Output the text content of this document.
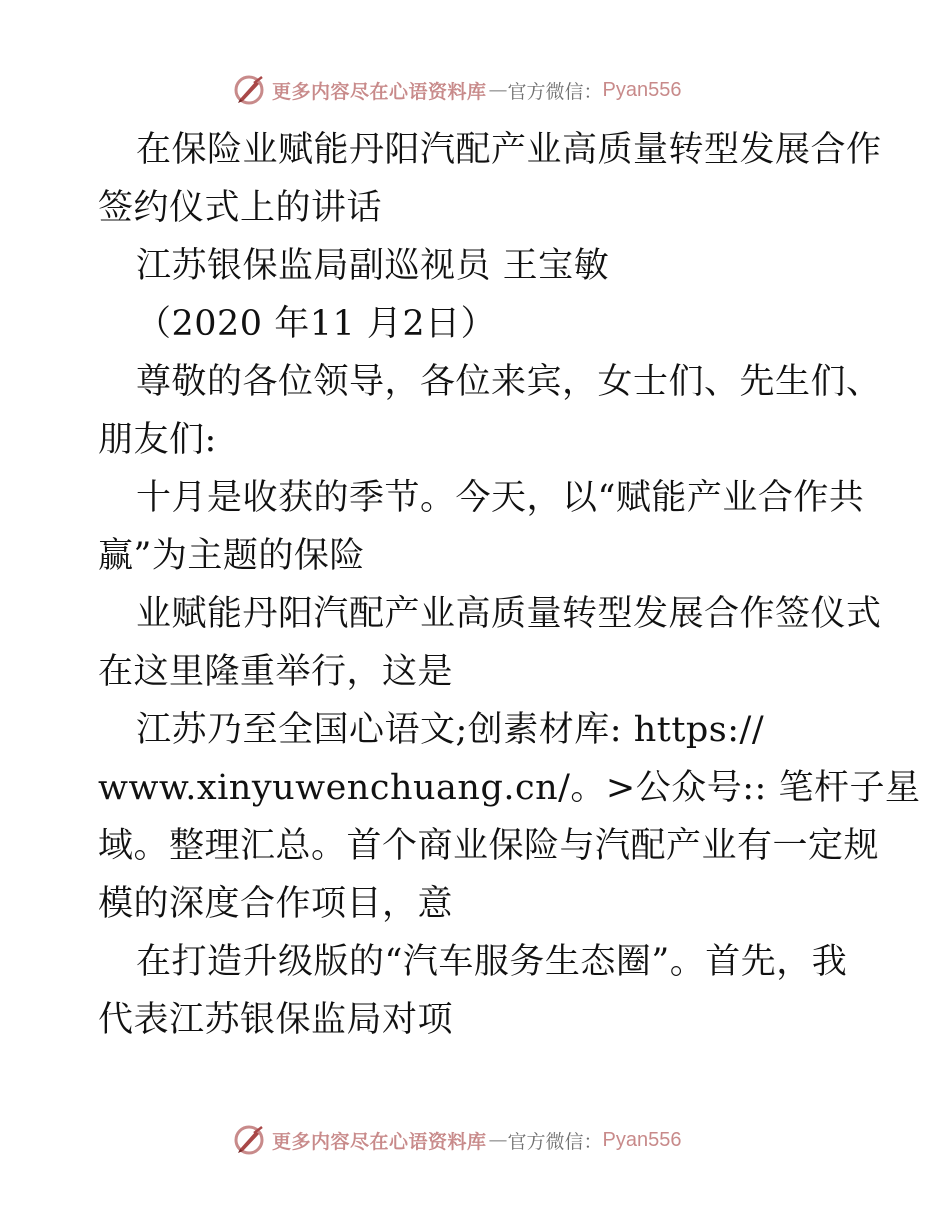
更多内容尽在心语资料库 — 官方微信： Pyan556
在保险业赋能丹阳汽配产业高质量转型发展合作
签约仪式上的讲话
江苏银保监局副巡视员 王宝敏
（2020 年11 月2日）
尊敬的各位领导，各位来宾，女士们、先生们、
朋友们:
十月是收获的季节。今天，以“赋能产业合作共
赢”为主题的保险
业赋能丹阳汽配产业高质量转型发展合作签仪式
在这里隆重举行，这是
江苏乃至全国心语文;创素材库: https://
www.xinyuwenchuang.cn/。>公众号:: 笔杆子星
域。整理汇总。首个商业保险与汽配产业有一定规
模的深度合作项目，意
在打造升级版的“汽车服务生态圈”。首先，我
代表江苏银保监局对项
更多内容尽在心语资料库 — 官方微信： Pyan556
